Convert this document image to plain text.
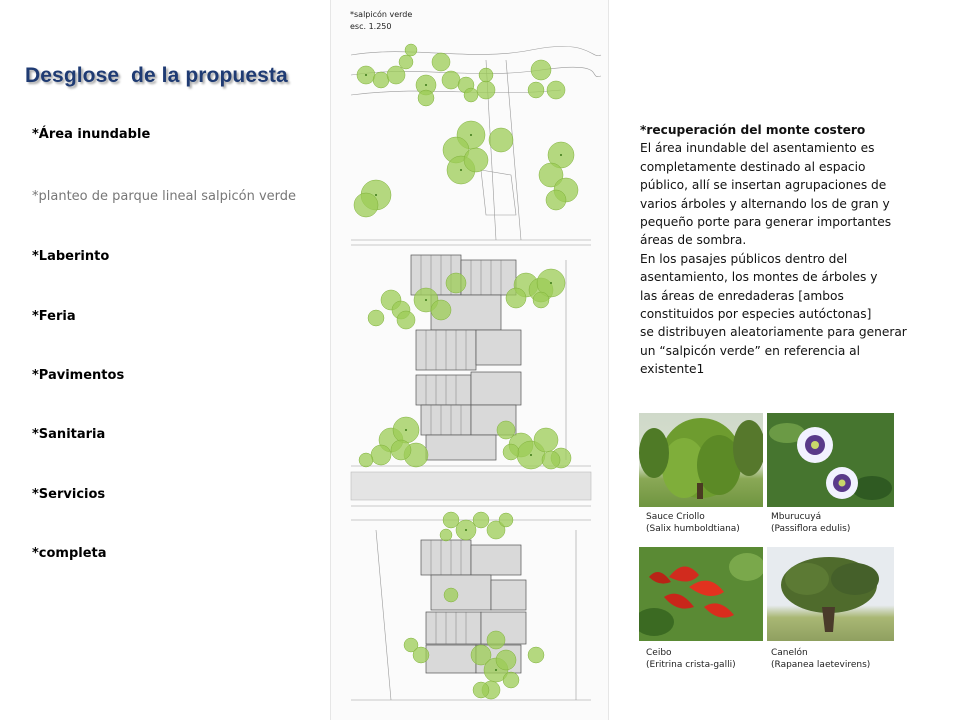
Desglose  de la propuesta
*Área inundable
*planteo de parque lineal salpicón verde
*Laberinto
*Feria
*Pavimentos
*Sanitaria
*Servicios
*completa
*salpicón verde
esc. 1.250

*recuperación del monte costero

El área inundable del asentamiento es

completamente destinado al espacio

público, allí se insertan agrupaciones de

varios árboles y alternando los de gran y

pequeño porte para generar importantes

áreas de sombra.

En los pasajes públicos dentro del

asentamiento, los montes de árboles y

las áreas de enredaderas [ambos

constituidos por especies autóctonas]

se distribuyen aleatoriamente para generar

un “salpicón verde” en referencia al

existente1

Sauce Criollo
(Salix humboldtiana)
Mburucuyá
(Passiflora edulis)
Ceibo
(Eritrina crista-galli)
Canelón
(Rapanea laetevirens)
